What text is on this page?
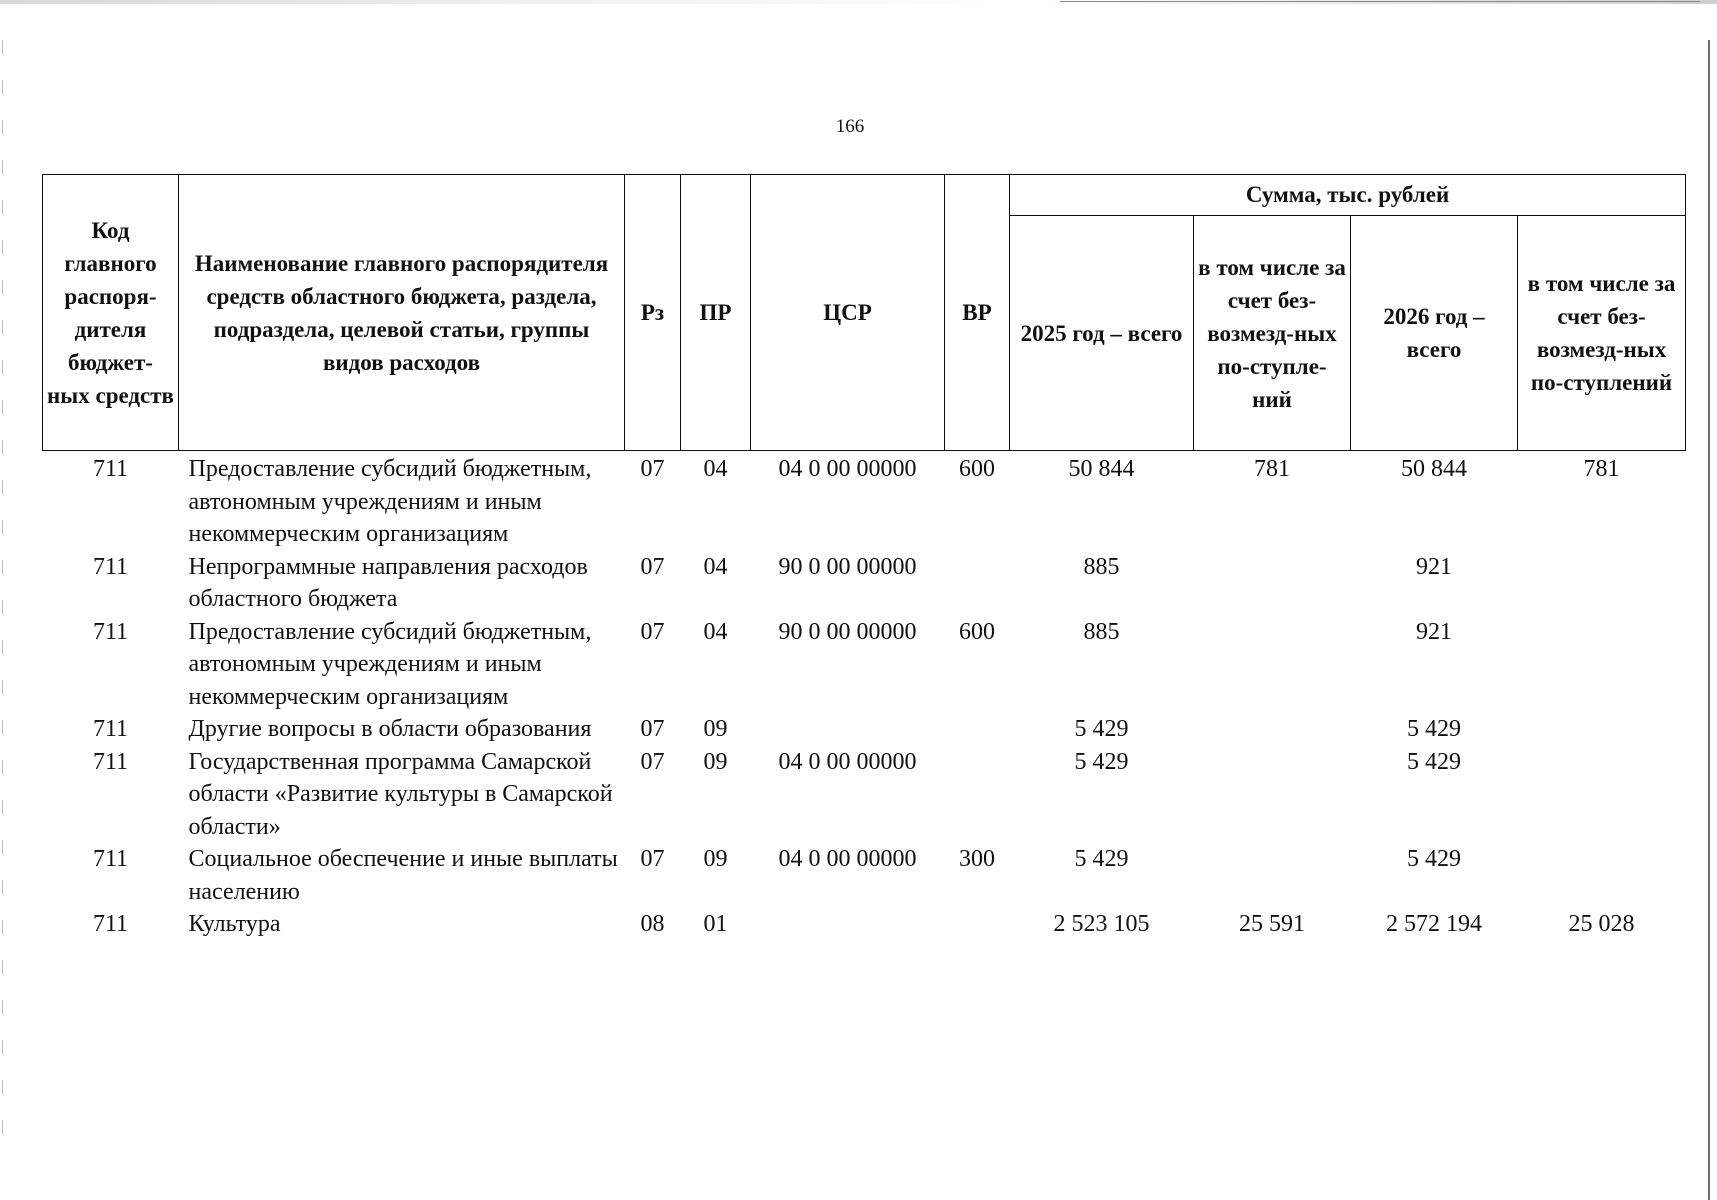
166
Код главного распоря-дителя бюджет-ных средств	Наименование главного распорядителя средств областного бюджета, раздела, подраздела, целевой статьи, группы видов расходов	Рз	ПР	ЦСР	ВР	Сумма, тыс. рублей			
						2025 год – всего	в том числе за счет без-возмезд-ных по-ступле-ний	2026 год – всего	в том числе за счет без-возмезд-ных по-ступлений
711	Предоставление субсидий бюджетным, автономным учреждениям и иным некоммерческим организациям	07	04	04 0 00 00000	600	50 844	781	50 844	781
711	Непрограммные направления расходов областного бюджета	07	04	90 0 00 00000		885		921	
711	Предоставление субсидий бюджетным, автономным учреждениям и иным некоммерческим организациям	07	04	90 0 00 00000	600	885		921	
711	Другие вопросы в области образования	07	09			5 429		5 429	
711	Государственная программа Самарской области «Развитие культуры в Самарской области»	07	09	04 0 00 00000		5 429		5 429	
711	Социальное обеспечение и иные выплаты населению	07	09	04 0 00 00000	300	5 429		5 429	
711	Культура	08	01			2 523 105	25 591	2 572 194	25 028
